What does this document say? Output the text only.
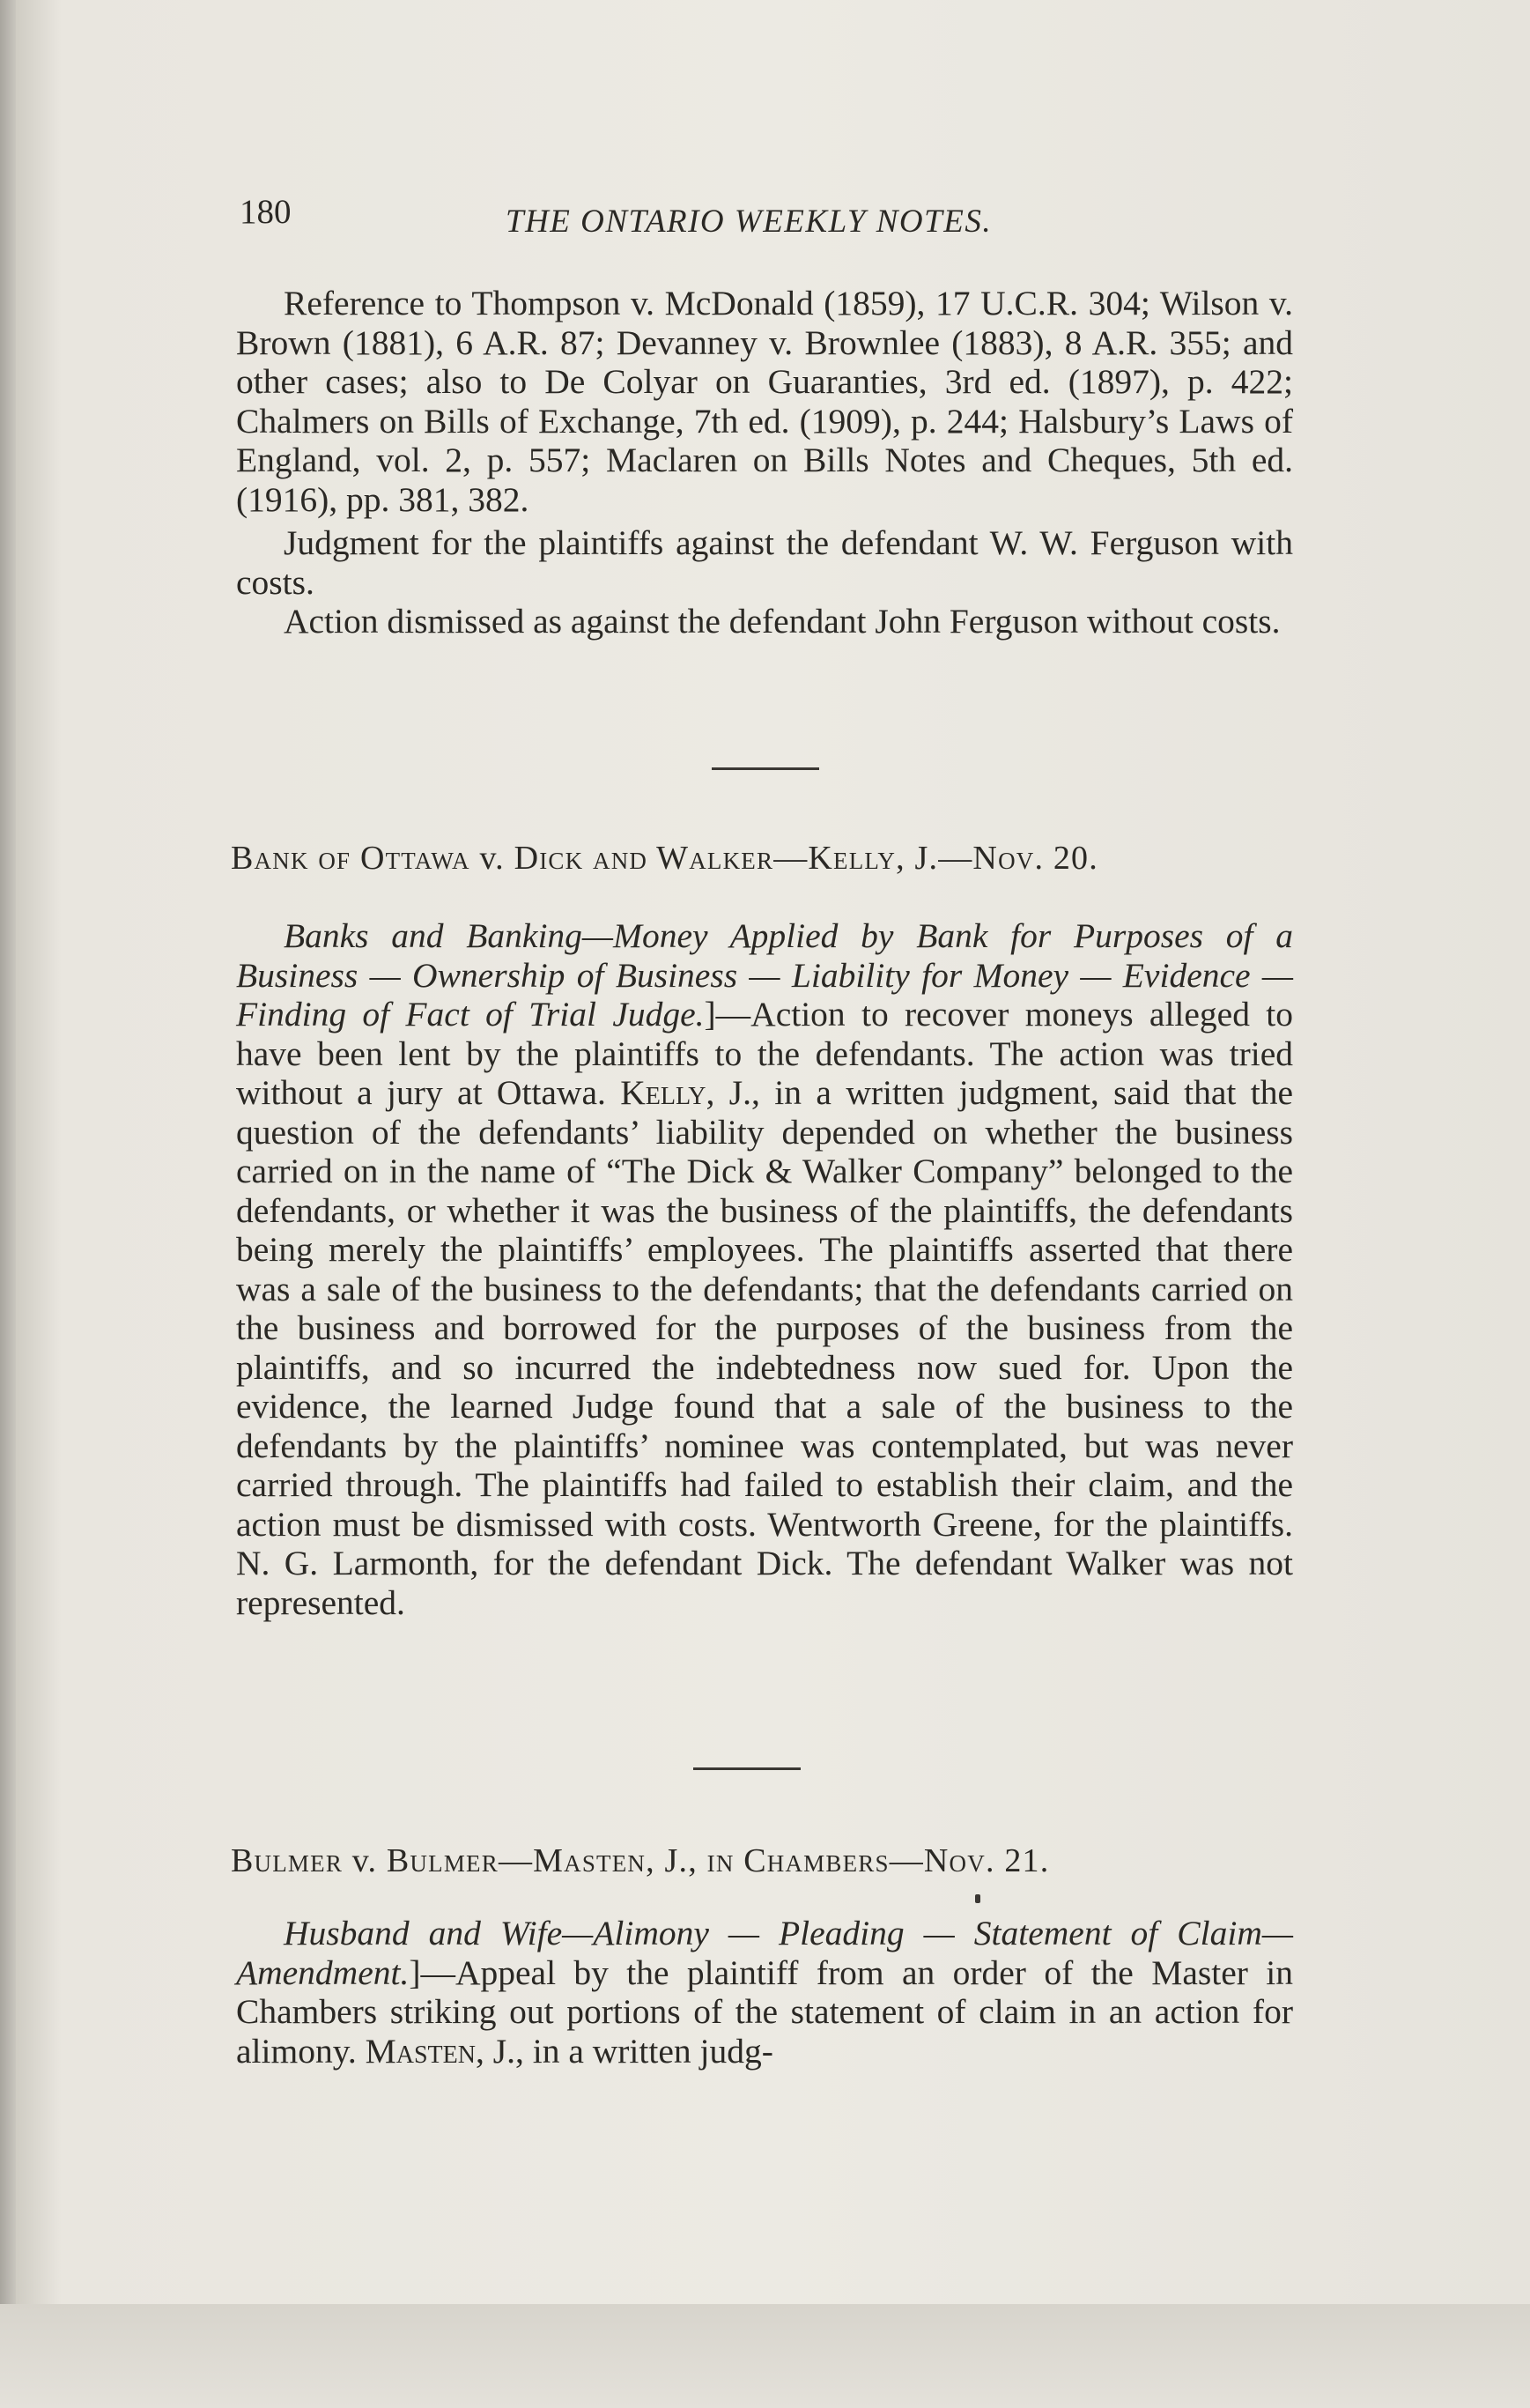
180	THE ONTARIO WEEKLY NOTES.

Reference to Thompson v. McDonald (1859), 17 U.C.R. 304; Wilson v. Brown (1881), 6 A.R. 87; Devanney v. Brownlee (1883), 8 A.R. 355; and other cases; also to De Colyar on Guaranties, 3rd ed. (1897), p. 422; Chalmers on Bills of Exchange, 7th ed. (1909), p. 244; Halsbury’s Laws of England, vol. 2, p. 557; Maclaren on Bills Notes and Cheques, 5th ed. (1916), pp. 381, 382.

Judgment for the plaintiffs against the defendant W. W. Ferguson with costs.

Action dismissed as against the defendant John Ferguson without costs.

Bank of Ottawa v. Dick and Walker—Kelly, J.—Nov. 20.

Banks and Banking—Money Applied by Bank for Purposes of a Business — Ownership of Business — Liability for Money — Evidence — Finding of Fact of Trial Judge.]—Action to recover moneys alleged to have been lent by the plaintiffs to the defendants. The action was tried without a jury at Ottawa. Kelly, J., in a written judgment, said that the question of the defendants’ liability depended on whether the business carried on in the name of “The Dick & Walker Company” belonged to the defendants, or whether it was the business of the plaintiffs, the defendants being merely the plaintiffs’ employees. The plaintiffs asserted that there was a sale of the business to the defendants; that the defendants carried on the business and borrowed for the purposes of the business from the plaintiffs, and so incurred the indebtedness now sued for. Upon the evidence, the learned Judge found that a sale of the business to the defendants by the plaintiffs’ nominee was contemplated, but was never carried through. The plaintiffs had failed to establish their claim, and the action must be dismissed with costs. Wentworth Greene, for the plaintiffs. N. G. Larmonth, for the defendant Dick. The defendant Walker was not represented.

Bulmer v. Bulmer—Masten, J., in Chambers—Nov. 21.

Husband and Wife—Alimony — Pleading — Statement of Claim—Amendment.]—Appeal by the plaintiff from an order of the Master in Chambers striking out portions of the statement of claim in an action for alimony. Masten, J., in a written judg-
